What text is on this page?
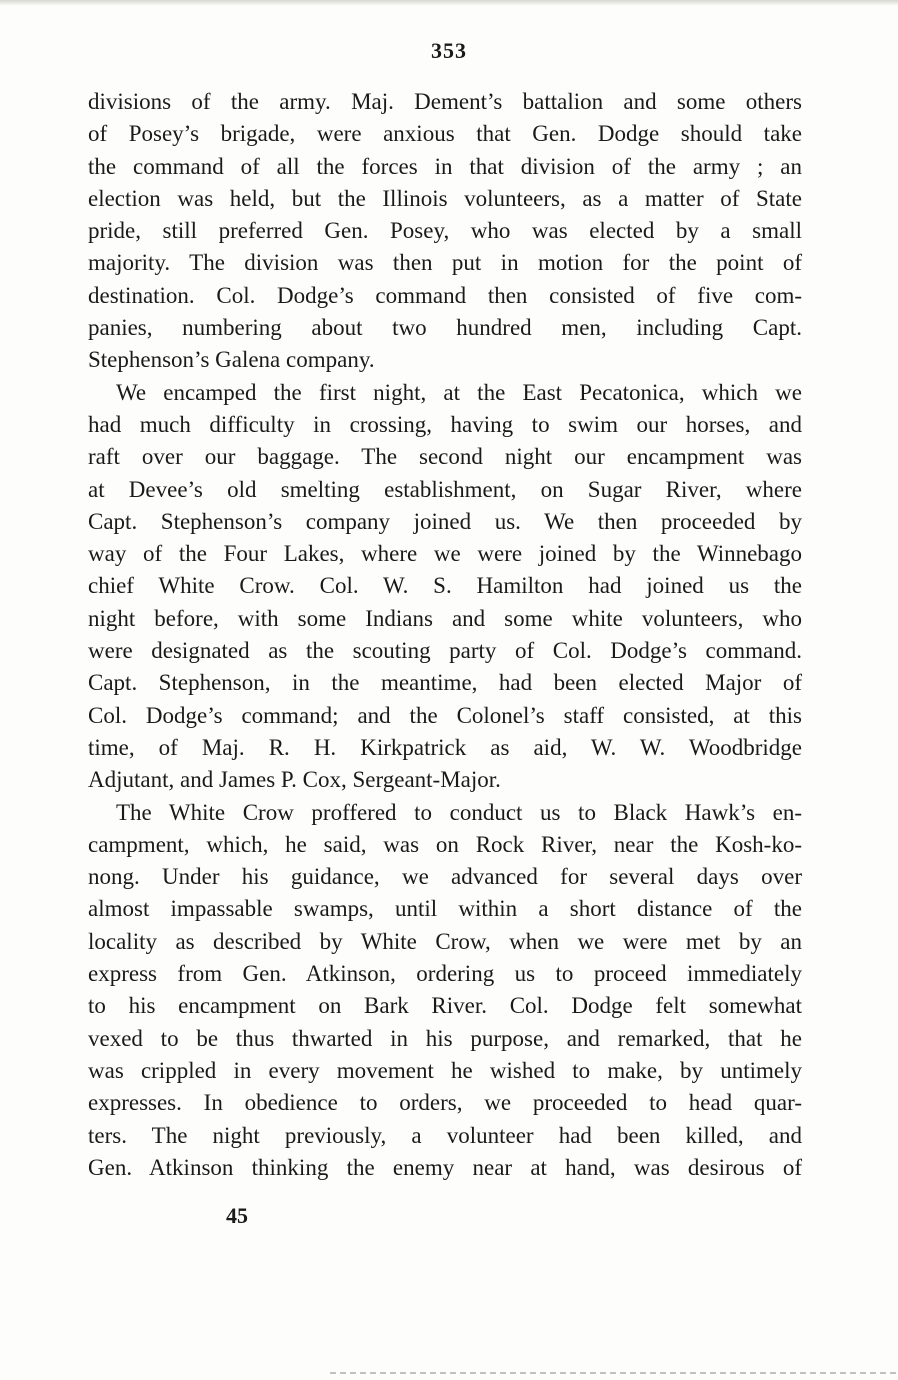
353
divisions of the army. Maj. Dement’s battalion and some others
of Posey’s brigade, were anxious that Gen. Dodge should take
the command of all the forces in that division of the army ; an
election was held, but the Illinois volunteers, as a matter of State
pride, still preferred Gen. Posey, who was elected by a small
majority. The division was then put in motion for the point of
destination. Col. Dodge’s command then consisted of five com-
panies, numbering about two hundred men, including Capt.
Stephenson’s Galena company.
We encamped the first night, at the East Pecatonica, which we
had much difficulty in crossing, having to swim our horses, and
raft over our baggage. The second night our encampment was
at Devee’s old smelting establishment, on Sugar River, where
Capt. Stephenson’s company joined us. We then proceeded by
way of the Four Lakes, where we were joined by the Winnebago
chief White Crow. Col. W. S. Hamilton had joined us the
night before, with some Indians and some white volunteers, who
were designated as the scouting party of Col. Dodge’s command.
Capt. Stephenson, in the meantime, had been elected Major of
Col. Dodge’s command; and the Colonel’s staff consisted, at this
time, of Maj. R. H. Kirkpatrick as aid, W. W. Woodbridge
Adjutant, and James P. Cox, Sergeant-Major.
The White Crow proffered to conduct us to Black Hawk’s en-
campment, which, he said, was on Rock River, near the Kosh-ko-
nong. Under his guidance, we advanced for several days over
almost impassable swamps, until within a short distance of the
locality as described by White Crow, when we were met by an
express from Gen. Atkinson, ordering us to proceed immediately
to his encampment on Bark River. Col. Dodge felt somewhat
vexed to be thus thwarted in his purpose, and remarked, that he
was crippled in every movement he wished to make, by untimely
expresses. In obedience to orders, we proceeded to head quar-
ters. The night previously, a volunteer had been killed, and
Gen. Atkinson thinking the enemy near at hand, was desirous of
45
